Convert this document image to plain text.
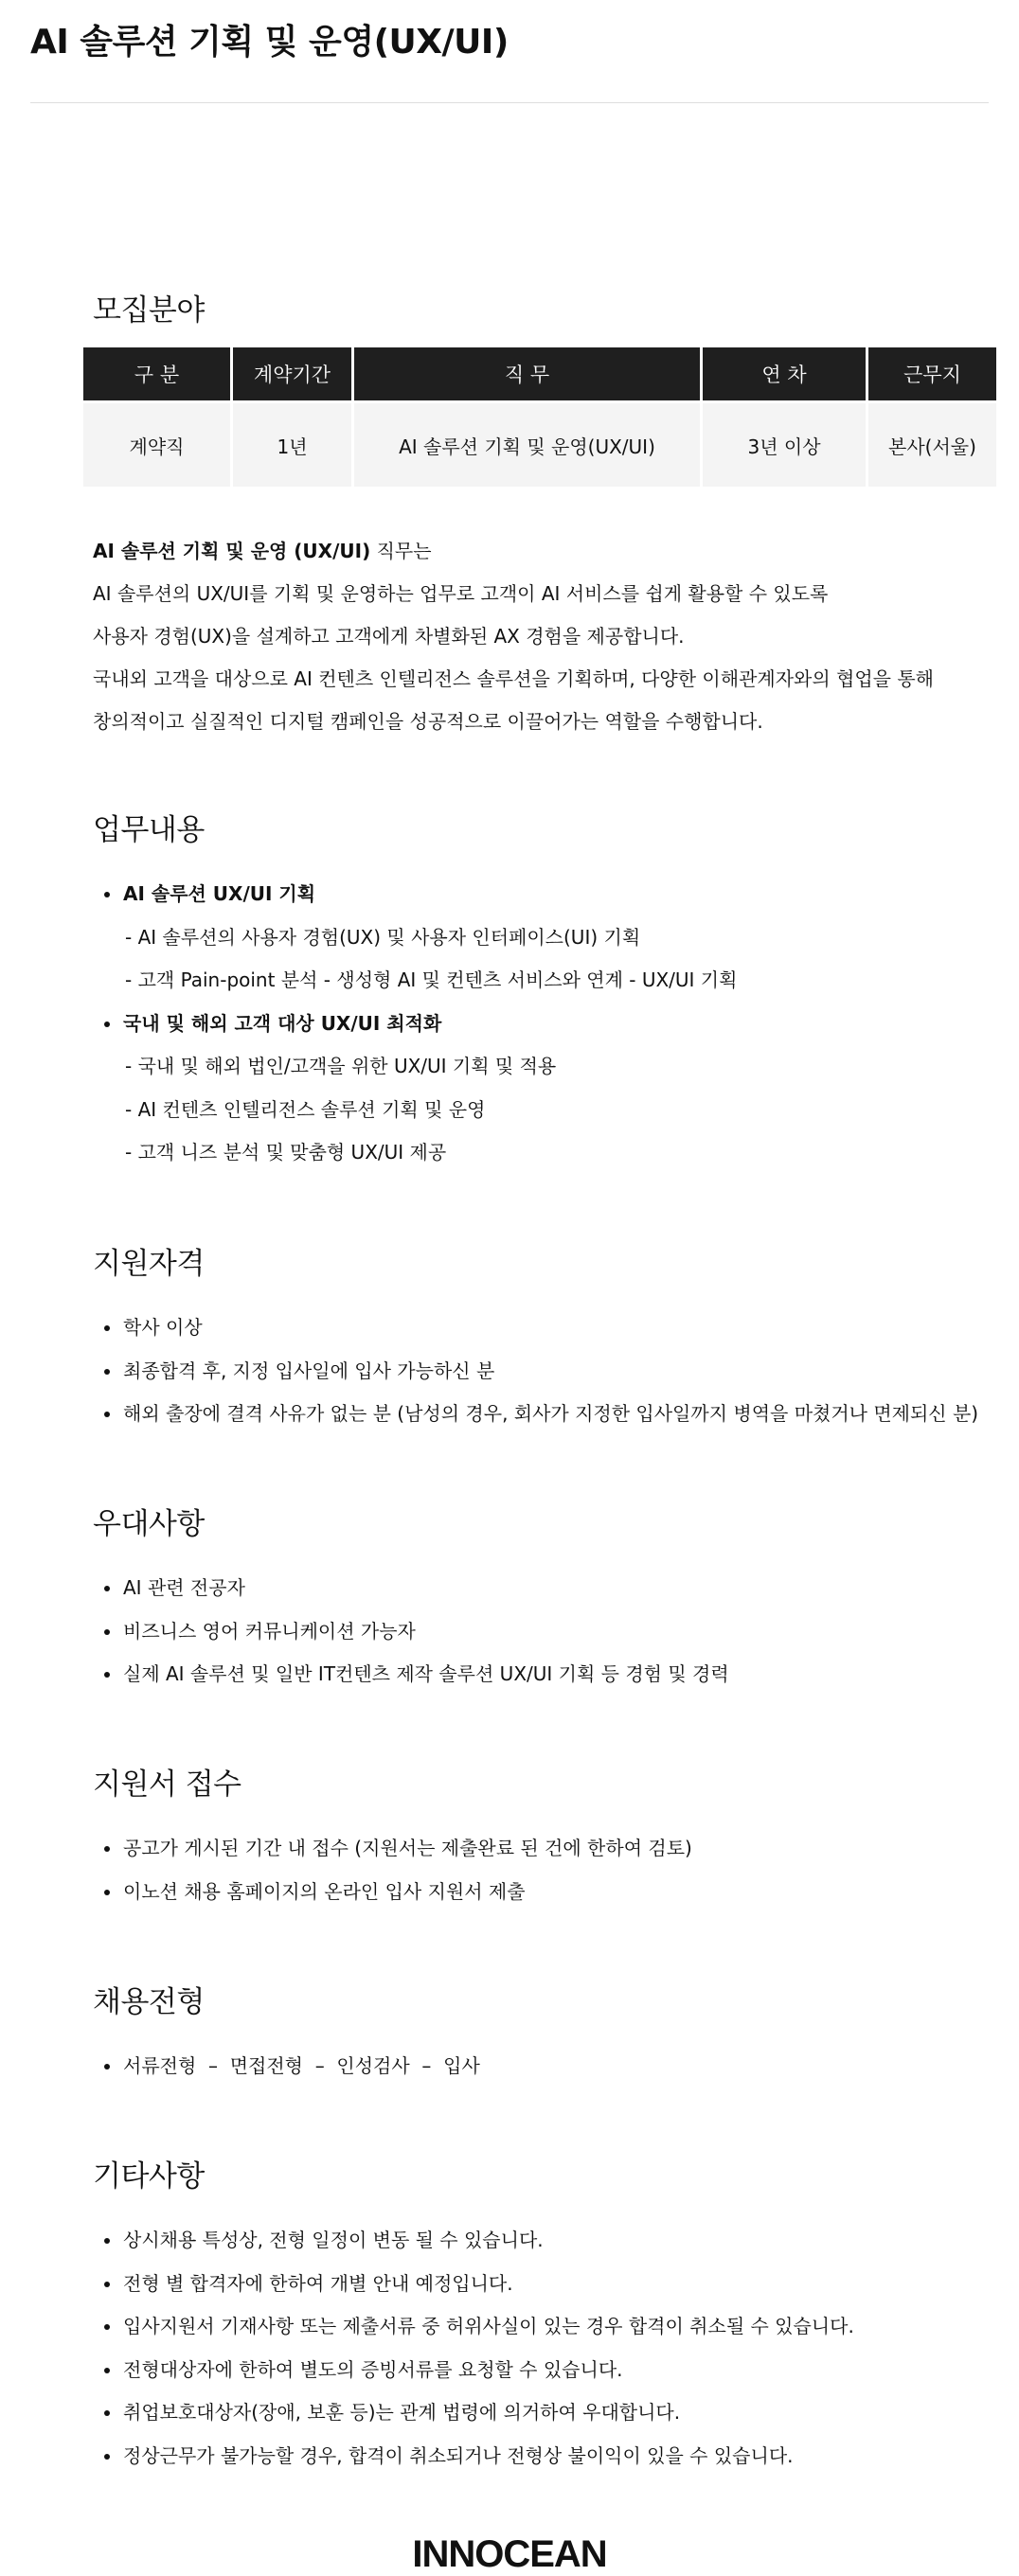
AI 솔루션 기획 및 운영(UX/UI)
모집분야
구 분	계약기간	직 무	연 차	근무지
계약직	1년	AI 솔루션 기획 및 운영(UX/UI)	3년 이상	본사(서울)

AI 솔루션 기획 및 운영 (UX/UI) 직무는

AI 솔루션의 UX/UI를 기획 및 운영하는 업무로 고객이 AI 서비스를 쉽게 활용할 수 있도록

사용자 경험(UX)을 설계하고 고객에게 차별화된 AX 경험을 제공합니다.

국내외 고객을 대상으로 AI 컨텐츠 인텔리전스 솔루션을 기획하며, 다양한 이해관계자와의 협업을 통해

창의적이고 실질적인 디지털 캠페인을 성공적으로 이끌어가는 역할을 수행합니다.

업무내용
AI 솔루션 UX/UI 기획
- AI 솔루션의 사용자 경험(UX) 및 사용자 인터페이스(UI) 기획
- 고객 Pain-point 분석 - 생성형 AI 및 컨텐츠 서비스와 연계 - UX/UI 기획
국내 및 해외 고객 대상 UX/UI 최적화
- 국내 및 해외 법인/고객을 위한 UX/UI 기획 및 적용
- AI 컨텐츠 인텔리전스 솔루션 기획 및 운영
- 고객 니즈 분석 및 맞춤형 UX/UI 제공
지원자격
학사 이상
최종합격 후, 지정 입사일에 입사 가능하신 분
해외 출장에 결격 사유가 없는 분 (남성의 경우, 회사가 지정한 입사일까지 병역을 마쳤거나 면제되신 분)
우대사항
AI 관련 전공자
비즈니스 영어 커뮤니케이션 가능자
실제 AI 솔루션 및 일반 IT컨텐츠 제작 솔루션 UX/UI 기획 등 경험 및 경력
지원서 접수
공고가 게시된 기간 내 접수 (지원서는 제출완료 된 건에 한하여 검토)
이노션 채용 홈페이지의 온라인 입사 지원서 제출
채용전형
서류전형  –  면접전형  –  인성검사  –  입사
기타사항
상시채용 특성상, 전형 일정이 변동 될 수 있습니다.
전형 별 합격자에 한하여 개별 안내 예정입니다.
입사지원서 기재사항 또는 제출서류 중 허위사실이 있는 경우 합격이 취소될 수 있습니다.
전형대상자에 한하여 별도의 증빙서류를 요청할 수 있습니다.
취업보호대상자(장애, 보훈 등)는 관계 법령에 의거하여 우대합니다.
정상근무가 불가능할 경우, 합격이 취소되거나 전형상 불이익이 있을 수 있습니다.
INNOCEAN
